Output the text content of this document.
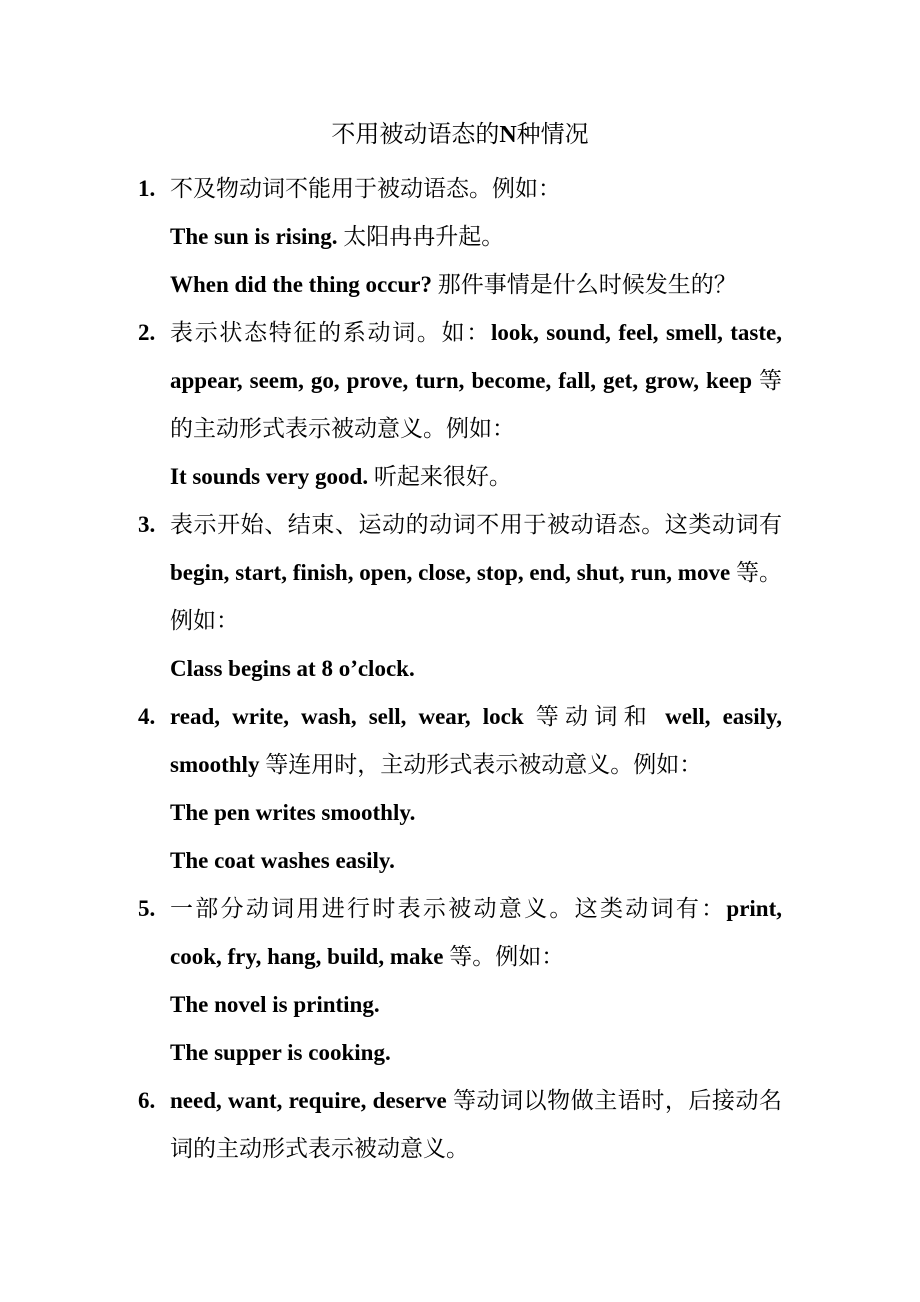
不用被动语态的N种情况
1. 不及物动词不能用于被动语态。例如：
The sun is rising. 太阳冉冉升起。
When did the thing occur? 那件事情是什么时候发生的？
2. 表示状态特征的系动词。如：look, sound, feel, smell, taste, appear, seem, go, prove, turn, become, fall, get, grow, keep 等的主动形式表示被动意义。例如：
It sounds very good. 听起来很好。
3. 表示开始、结束、运动的动词不用于被动语态。这类动词有 begin, start, finish, open, close, stop, end, shut, run, move 等。例如：
Class begins at 8 o’clock.
4. read, write, wash, sell, wear, lock 等动词和 well, easily, smoothly 等连用时，主动形式表示被动意义。例如：
The pen writes smoothly.
The coat washes easily.
5. 一部分动词用进行时表示被动意义。这类动词有：print, cook, fry, hang, build, make 等。例如：
The novel is printing.
The supper is cooking.
6. need, want, require, deserve 等动词以物做主语时，后接动名词的主动形式表示被动意义。
